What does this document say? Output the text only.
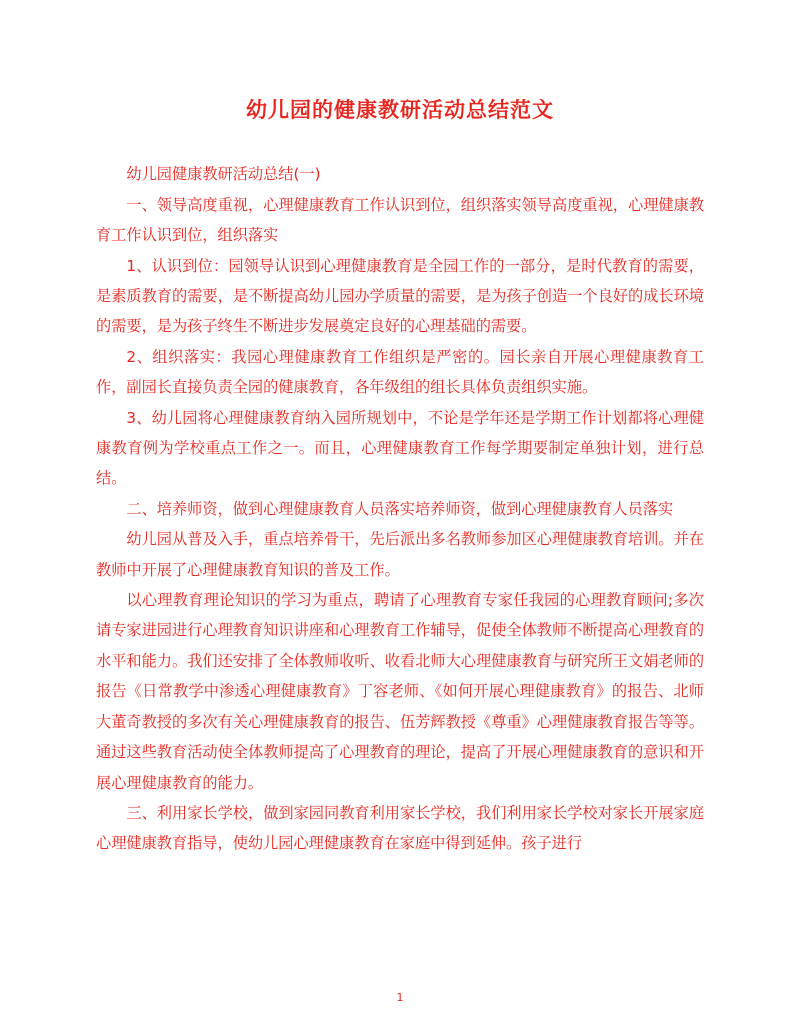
幼儿园的健康教研活动总结范文

幼儿园健康教研活动总结(一)

一、领导高度重视，心理健康教育工作认识到位，组织落实领导高度重视，心理健康教育工作认识到位，组织落实

1、认识到位：园领导认识到心理健康教育是全园工作的一部分，是时代教育的需要，是素质教育的需要，是不断提高幼儿园办学质量的需要，是为孩子创造一个良好的成长环境的需要，是为孩子终生不断进步发展奠定良好的心理基础的需要。

2、组织落实：我园心理健康教育工作组织是严密的。园长亲自开展心理健康教育工作，副园长直接负责全园的健康教育，各年级组的组长具体负责组织实施。

3、幼儿园将心理健康教育纳入园所规划中，不论是学年还是学期工作计划都将心理健康教育例为学校重点工作之一。而且，心理健康教育工作每学期要制定单独计划，进行总结。

二、培养师资，做到心理健康教育人员落实培养师资，做到心理健康教育人员落实

幼儿园从普及入手，重点培养骨干，先后派出多名教师参加区心理健康教育培训。并在教师中开展了心理健康教育知识的普及工作。

以心理教育理论知识的学习为重点，聘请了心理教育专家任我园的心理教育顾问;多次请专家进园进行心理教育知识讲座和心理教育工作辅导，促使全体教师不断提高心理教育的水平和能力。我们还安排了全体教师收听、收看北师大心理健康教育与研究所王文娟老师的报告《日常教学中渗透心理健康教育》丁容老师、《如何开展心理健康教育》的报告、北师大董奇教授的多次有关心理健康教育的报告、伍芳辉教授《尊重》心理健康教育报告等等。通过这些教育活动使全体教师提高了心理教育的理论，提高了开展心理健康教育的意识和开展心理健康教育的能力。

三、利用家长学校，做到家园同教育利用家长学校，我们利用家长学校对家长开展家庭心理健康教育指导，使幼儿园心理健康教育在家庭中得到延伸。孩子进行

1
